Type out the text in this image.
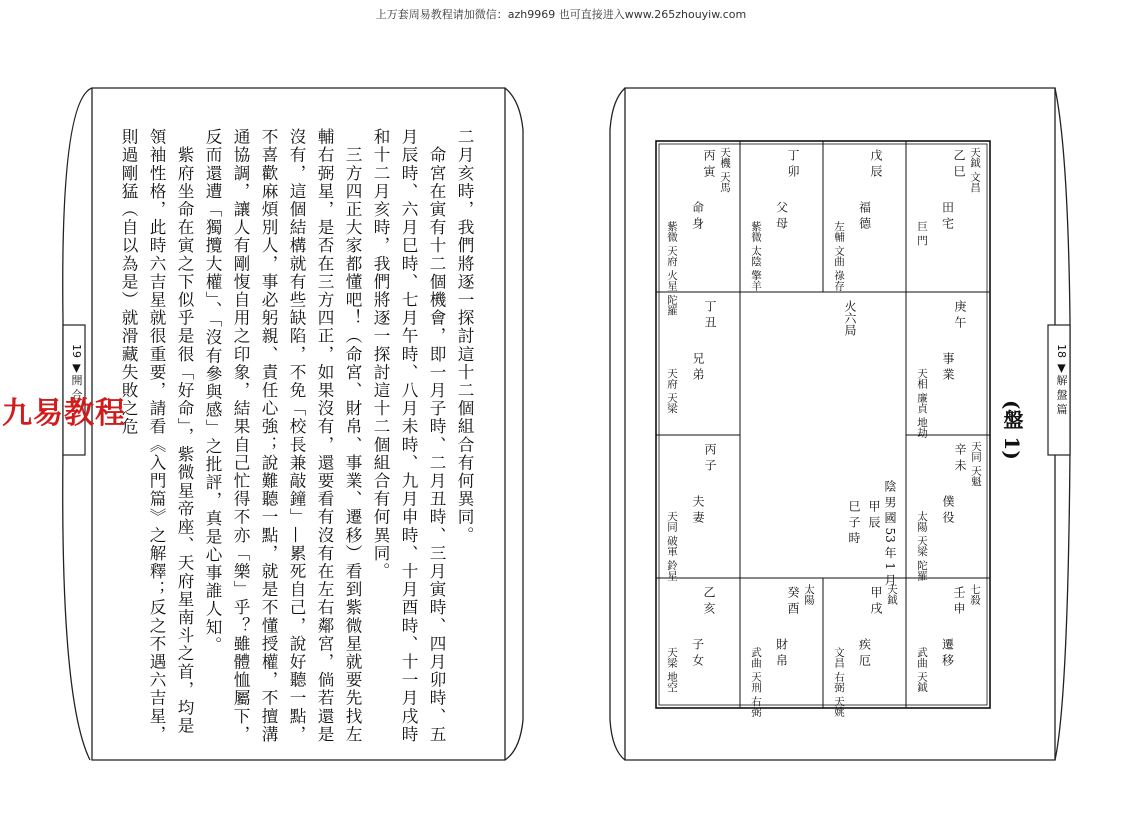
上万套周易教程请加微信：azh9969 也可直接进入www.265zhouyiw.com
19 ▼開 合	二月亥時，我們將逐一探討這十二個組合有何異同。

　命宮在寅有十二個機會，即一月子時、二月丑時、三月寅時、四月卯時、五月辰時、六月巳時、七月午時、八月未時、九月申時、十月酉時、十一月戌時和十二月亥時，我們將逐一探討這十二個組合有何異同。

　三方四正大家都懂吧！（命宮、財帛、事業、遷移）看到紫微星就要先找左輔右弼星，是否在三方四正，如果沒有，還要看有沒有在左右鄰宮，倘若還是沒有，這個結構就有些缺陷，不免「校長兼敲鐘」—累死自己，說好聽一點，不喜歡麻煩別人，事必躬親、責任心強；說難聽一點，就是不懂授權，不擅溝通協調，讓人有剛愎自用之印象，結果自己忙得不亦「樂」乎？雖體恤屬下，反而還遭「獨攬大權」、「沒有參與感」之批評，真是心事誰人知。

　紫府坐命在寅之下似乎是很「好命」，紫微星帝座、天府星南斗之首，均是領袖性格，此時六吉星就很重要，請看《入門篇》之解釋；反之不遇六吉星，則過剛猛（自以為是）就滑藏失敗之危

九易教程
18 ▼解 盤 篇
(盤 1)
火六局
陰 男 國 53 年 1 月
甲 辰
巳 子 時
天鉞 文昌
乙 巳
田 宅
巨 門
戊 辰
福 德
左輔 文曲 祿存
丁 卯
父 母
紫微 太陰 擎羊
天機 天馬
丙 寅
命 身
紫微 天府 火星 陀羅	庚 午
事 業
天相 廉貞 地劫
丁 丑
兄 弟
天府 天梁
天同 天魁
辛 未
僕 役
太陽 天梁 陀羅
丙 子
夫 妻
天同 破軍 鈴星
七殺
壬 申
遷 移
武曲 天鉞
天鉞
甲 戌
疾 厄
文昌 右弼 天姚
太陽
癸 酉
財 帛
武曲 天刑 右弼
乙 亥
子 女
天梁 地空
